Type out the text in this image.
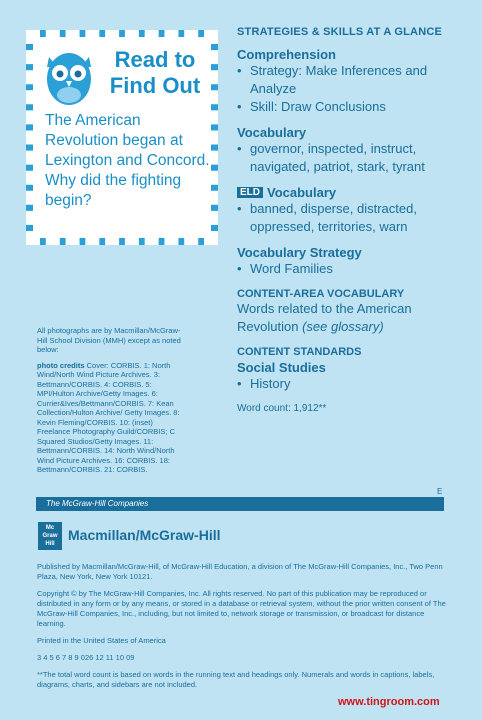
Read to
Find Out
The American Revolution began at Lexington and Concord. Why did the fighting begin?
STRATEGIES & SKILLS AT A GLANCE
Comprehension
• Strategy: Make Inferences and Analyze
• Skill: Draw Conclusions
Vocabulary
• governor, inspected, instruct, navigated, patriot, stark, tyrant
ELD Vocabulary
• banned, disperse, distracted, oppressed, territories, warn
Vocabulary Strategy
• Word Families
CONTENT-AREA VOCABULARY
Words related to the American Revolution (see glossary)
CONTENT STANDARDS
Social Studies
• History
Word count: 1,912**

All photographs are by Macmillan/McGraw-Hill School Division (MMH) except as noted below:

photo credits Cover: CORBIS. 1: North Wind/North Wind Picture Archives. 3: Bettmann/CORBIS. 4: CORBIS. 5: MPI/Hulton Archive/Getty Images. 6: Currier&Ives/Bettmann/CORBIS. 7: Kean Collection/Hulton Archive/ Getty Images. 8: Kevin Fleming/CORBIS. 10: (inset) Freelance Photography Guild/CORBIS; C Squared Studios/Getty Images. 11: Bettmann/CORBIS. 14: North Wind/North Wind Picture Archives. 16: CORBIS. 18: Bettmann/CORBIS. 21: CORBIS.

E
The McGraw-Hill Companies
Mc Graw Hill
Macmillan/McGraw-Hill

Published by Macmillan/McGraw-Hill, of McGraw-Hill Education, a division of The McGraw-Hill Companies, Inc., Two Penn Plaza, New York, New York 10121.

Copyright © by The McGraw-Hill Companies, Inc. All rights reserved. No part of this publication may be reproduced or distributed in any form or by any means, or stored in a database or retrieval system, without the prior written consent of The McGraw-Hill Companies, Inc., including, but not limited to, network storage or transmission, or broadcast for distance learning.

Printed in the United States of America

3 4 5 6 7 8 9 026 12 11 10 09

**The total word count is based on words in the running text and headings only. Numerals and words in captions, labels, diagrams, charts, and sidebars are not included.

www.tingroom.com
